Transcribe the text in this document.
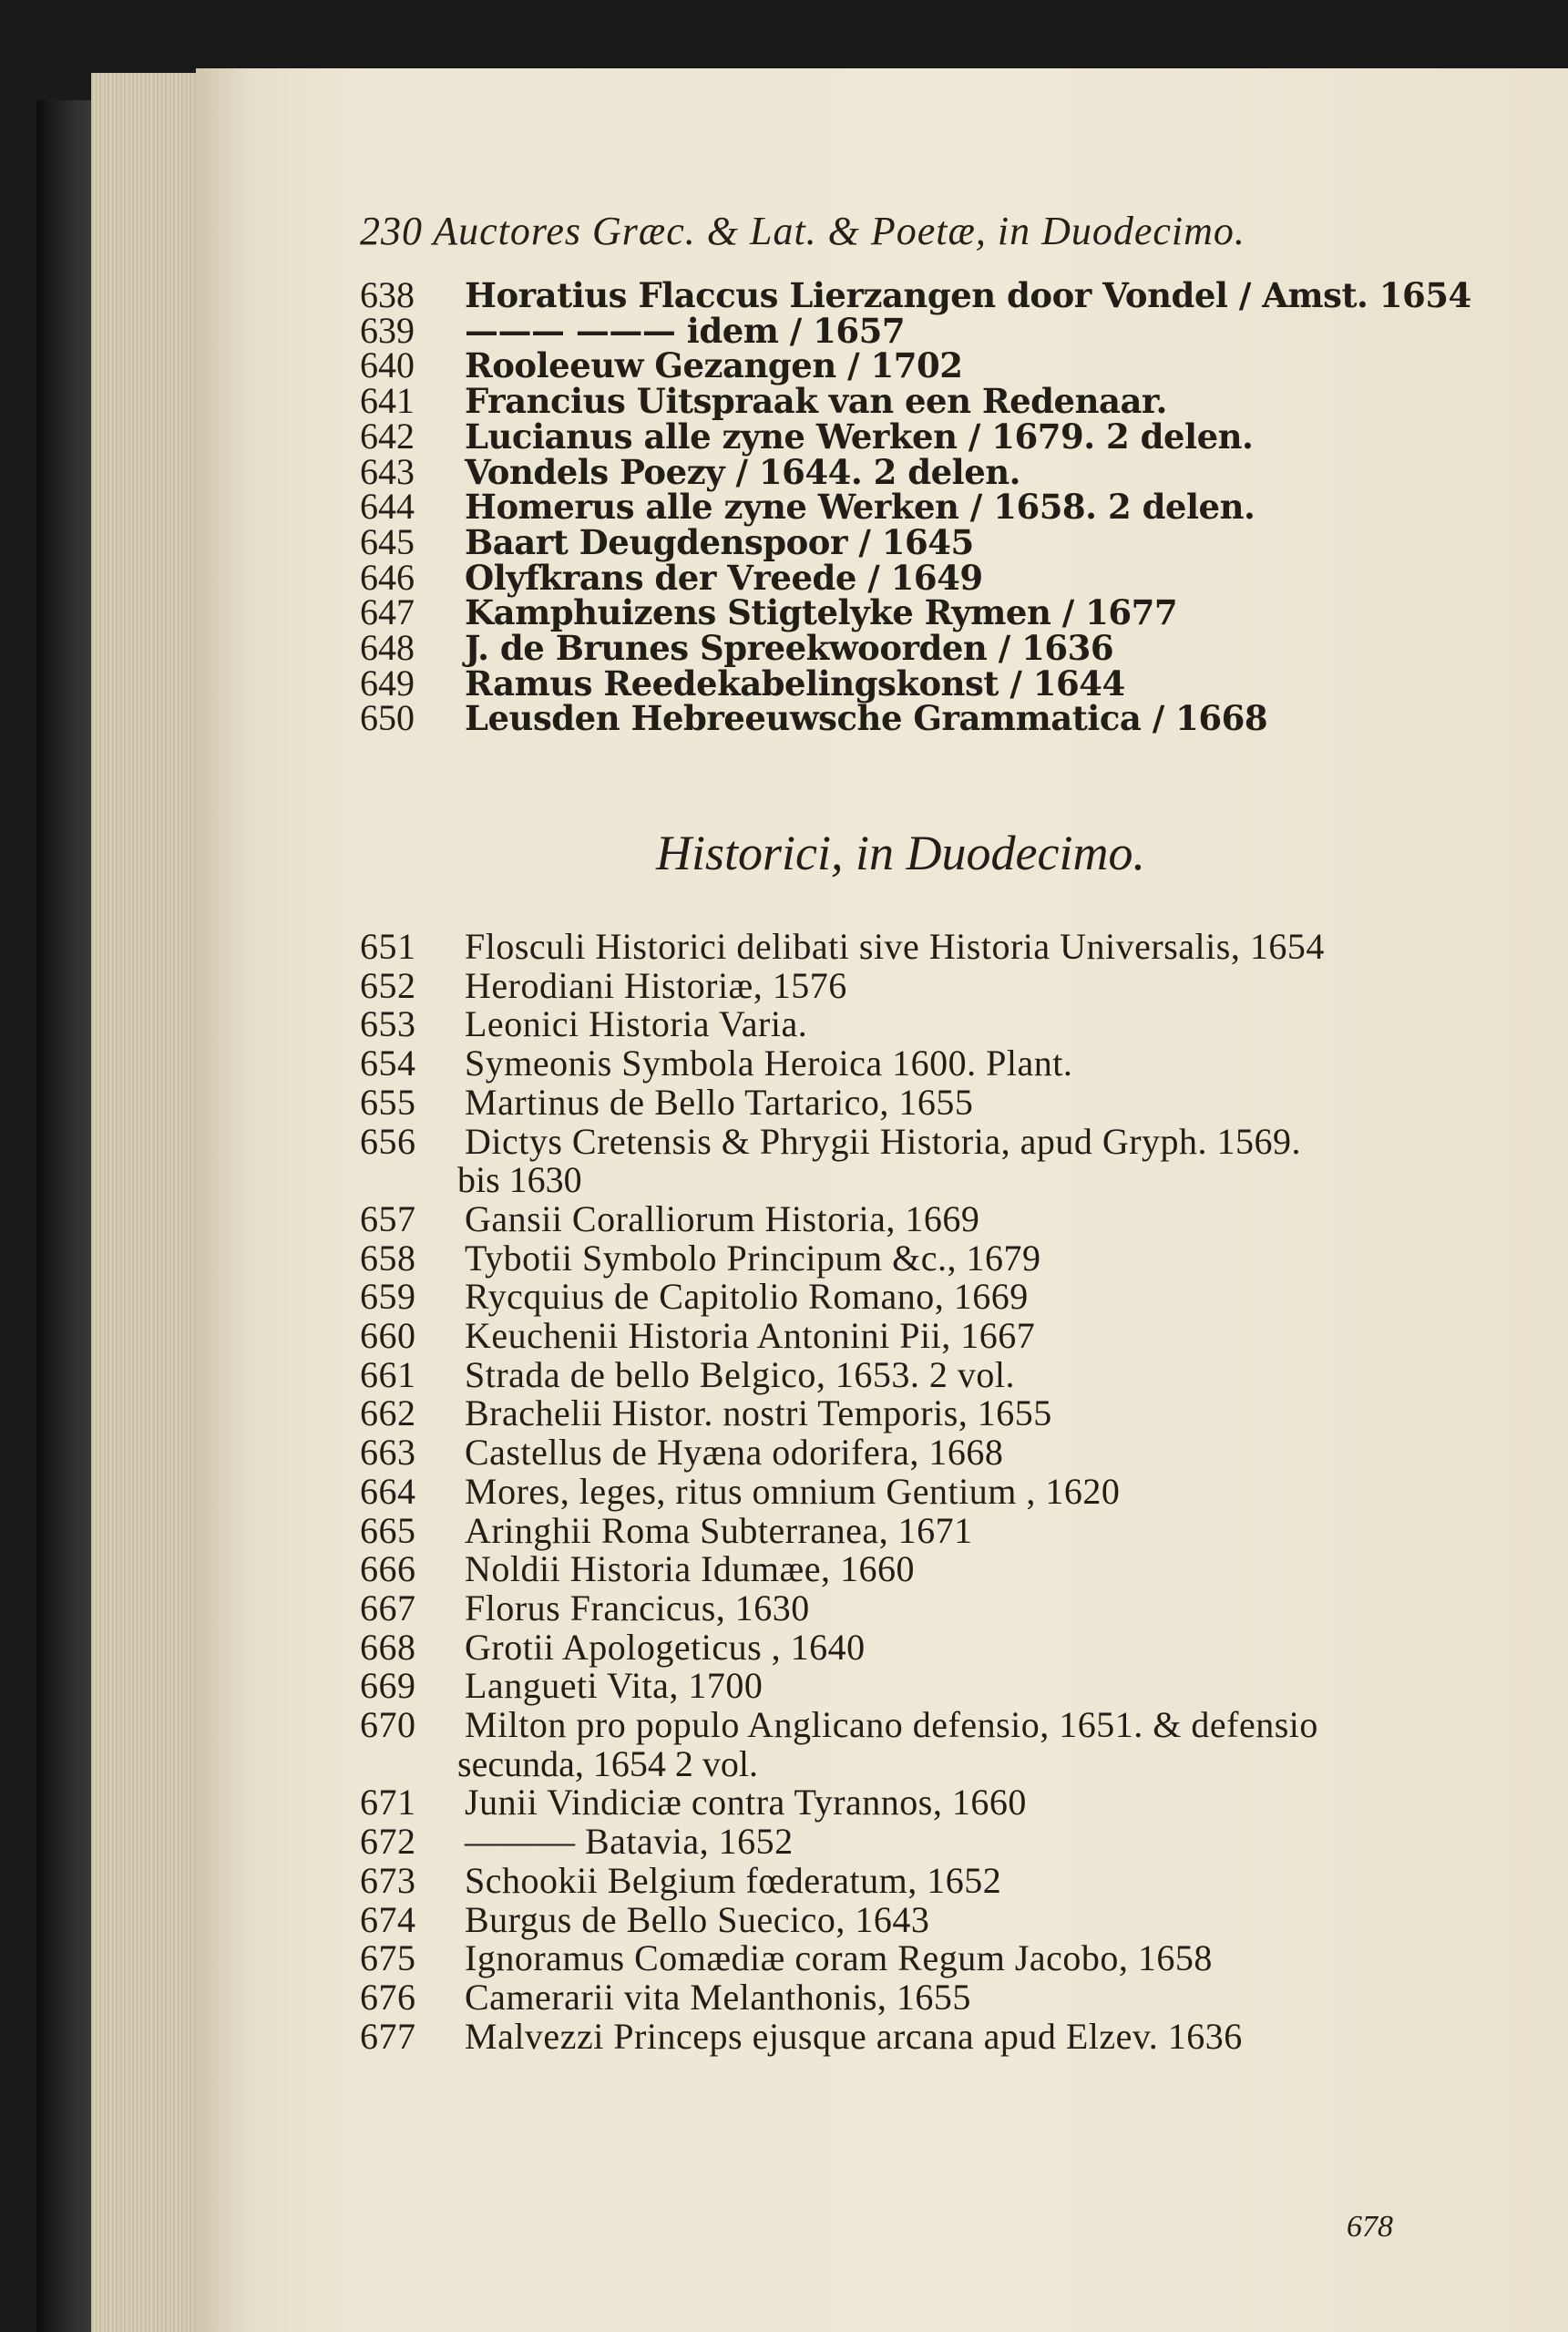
230 Auctores Græc. & Lat. & Poetæ, in Duodecimo.
638 Horatius Flaccus Lierzangen door Vondel / Amst. 1654
639 ——— ——— idem / 1657
640 Rooleeuw Gezangen / 1702
641 Francius Uitspraak van een Redenaar.
642 Lucianus alle zyne Werken / 1679. 2 delen.
643 Vondels Poezy / 1644. 2 delen.
644 Homerus alle zyne Werken / 1658. 2 delen.
645 Baart Deugdenspoor / 1645
646 Olyfkrans der Vreede / 1649
647 Kamphuizens Stigtelyke Rymen / 1677
648 J. de Brunes Spreekwoorden / 1636
649 Ramus Reedekabelingskonst / 1644
650 Leusden Hebreeuwsche Grammatica / 1668
Historici, in Duodecimo.
651 Flosculi Historici delibati sive Historia Universalis, 1654
652 Herodiani Historiæ, 1576
653 Leonici Historia Varia.
654 Symeonis Symbola Heroica 1600. Plant.
655 Martinus de Bello Tartarico, 1655
656 Dictys Cretensis & Phrygii Historia, apud Gryph. 1569.
bis 1630
657 Gansii Coralliorum Historia, 1669
658 Tybotii Symbolo Principum &c., 1679
659 Rycquius de Capitolio Romano, 1669
660 Keuchenii Historia Antonini Pii, 1667
661 Strada de bello Belgico, 1653. 2 vol.
662 Brachelii Histor. nostri Temporis, 1655
663 Castellus de Hyæna odorifera, 1668
664 Mores, leges, ritus omnium Gentium , 1620
665 Aringhii Roma Subterranea, 1671
666 Noldii Historia Idumæe, 1660
667 Florus Francicus, 1630
668 Grotii Apologeticus , 1640
669 Langueti Vita, 1700
670 Milton pro populo Anglicano defensio, 1651. & defensio
secunda, 1654 2 vol.
671 Junii Vindiciæ contra Tyrannos, 1660
672 ——— Batavia, 1652
673 Schookii Belgium fœderatum, 1652
674 Burgus de Bello Suecico, 1643
675 Ignoramus Comædiæ coram Regum Jacobo, 1658
676 Camerarii vita Melanthonis, 1655
677 Malvezzi Princeps ejusque arcana apud Elzev. 1636
678
